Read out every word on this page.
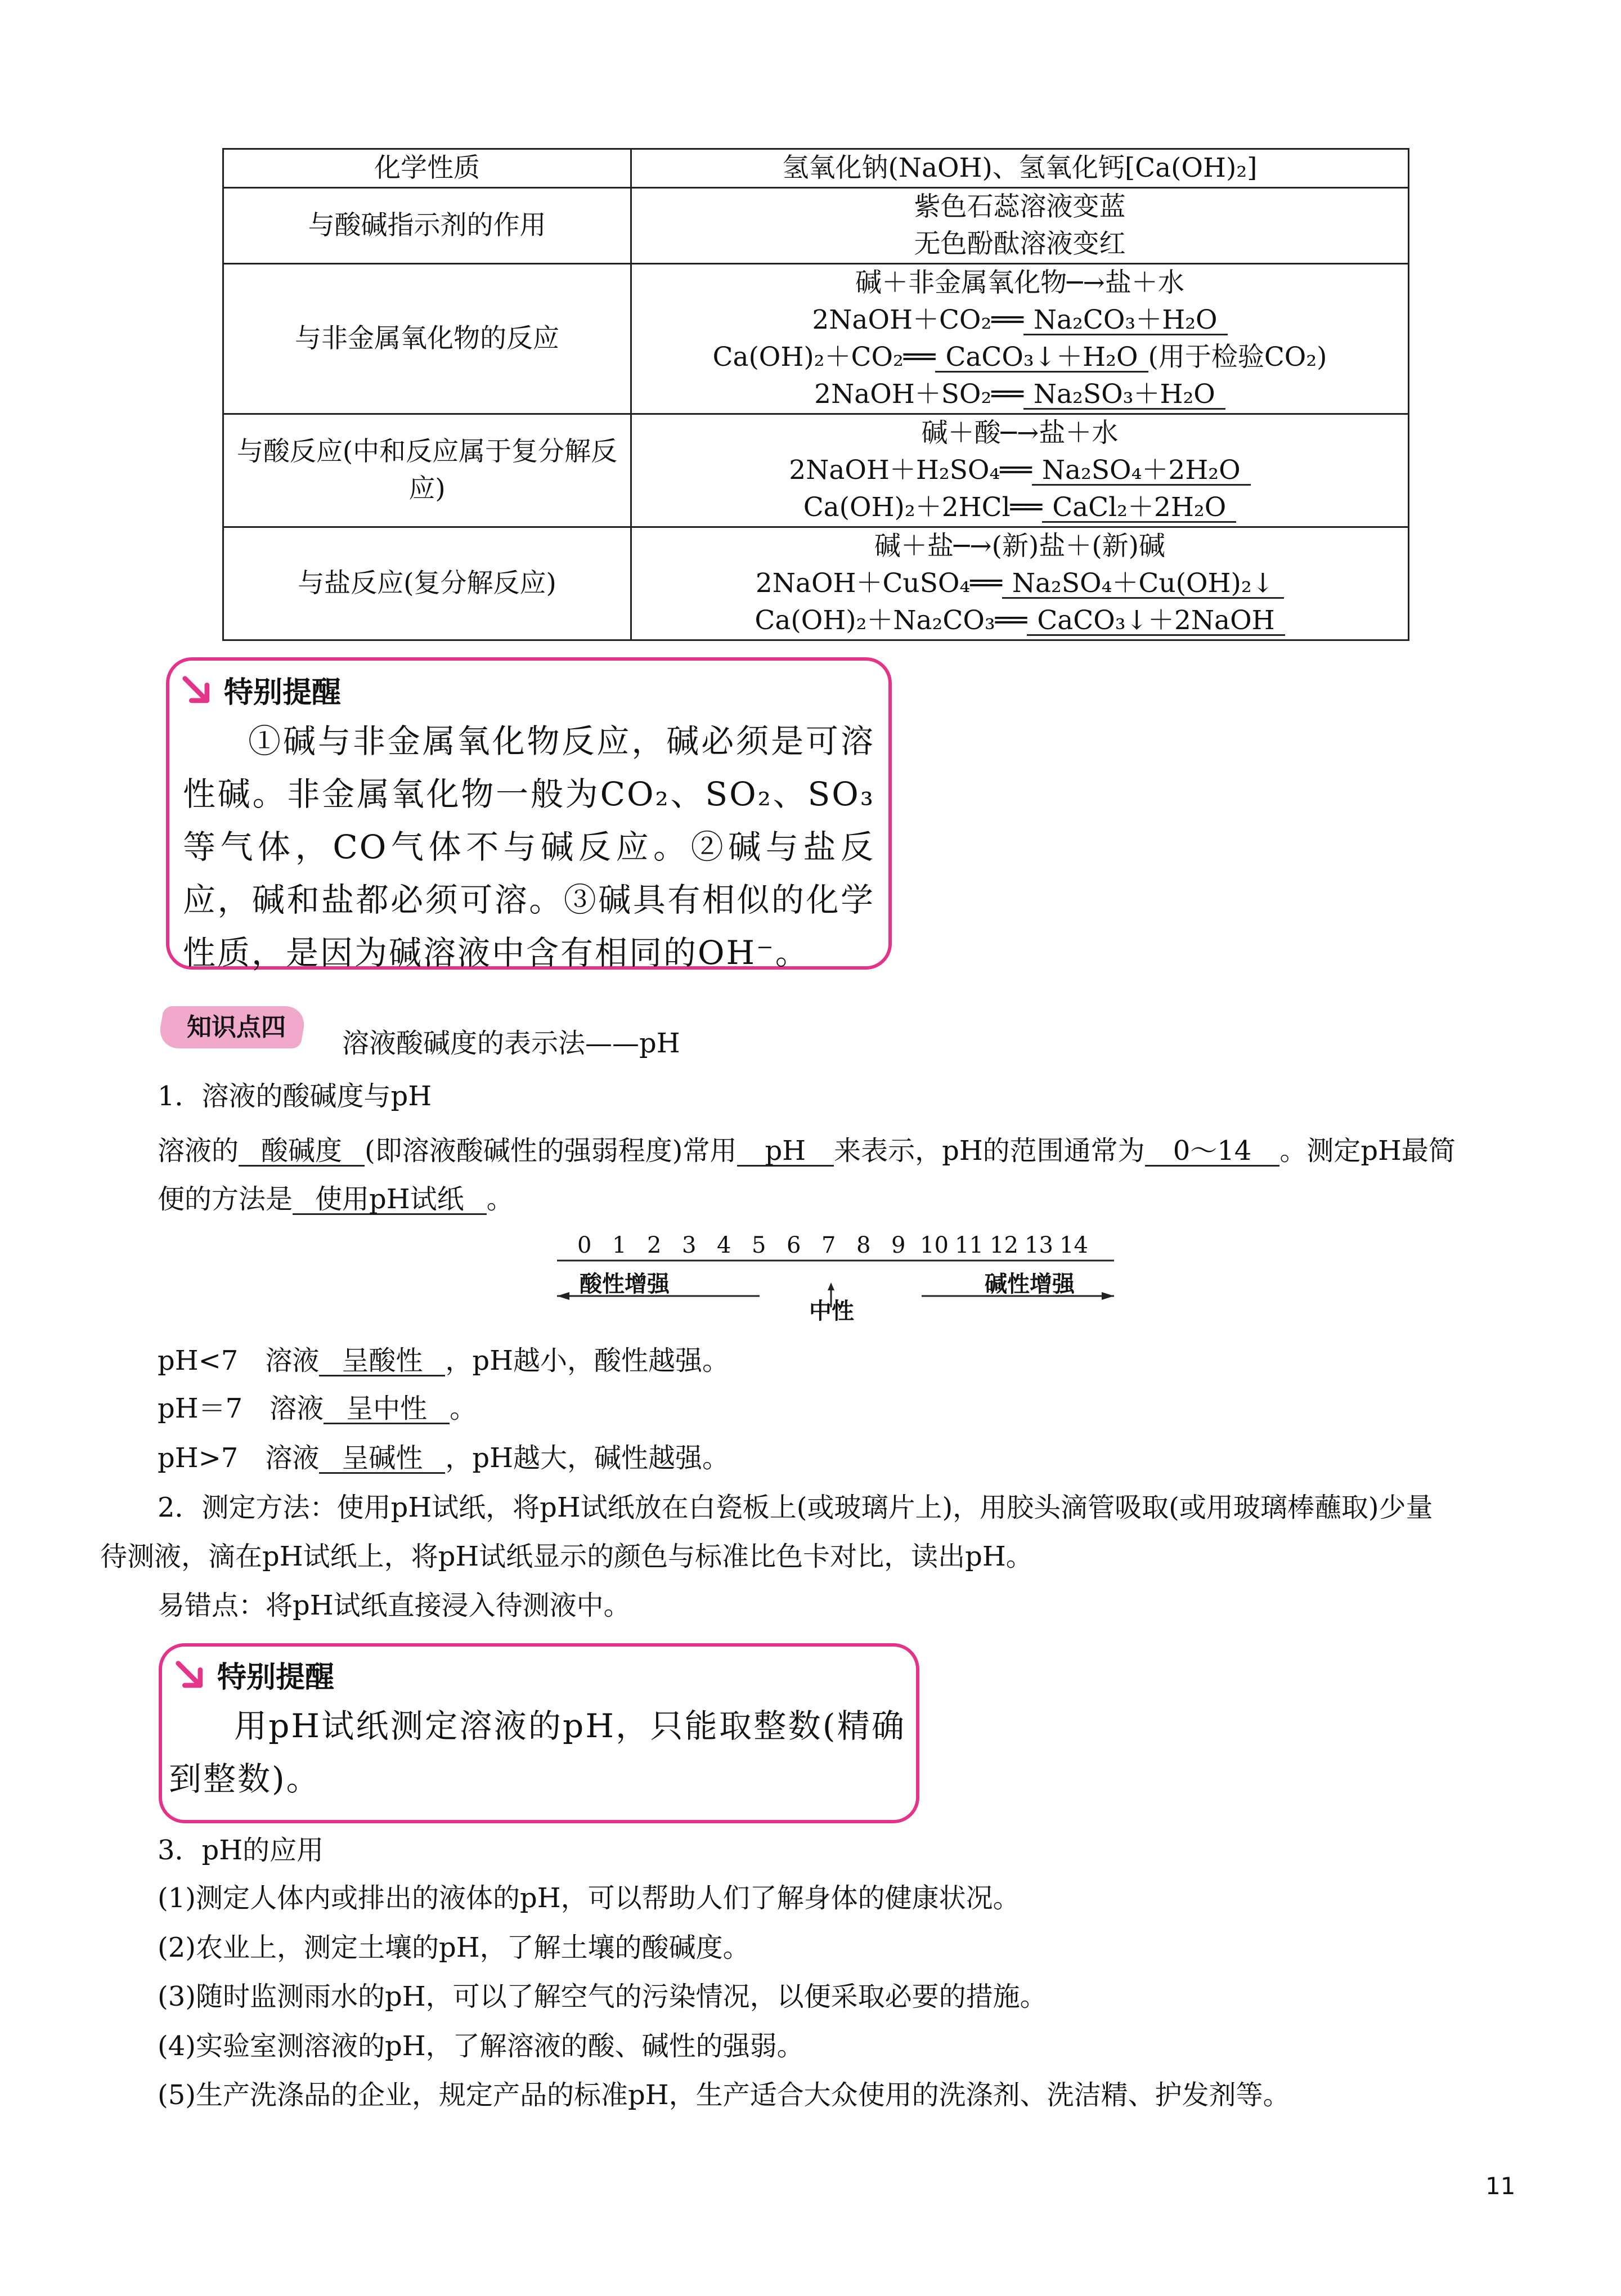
化学性质	氢氧化钠(NaOH)、氢氧化钙[Ca(OH)₂]
与酸碱指示剂的作用	紫色石蕊溶液变蓝
无色酚酞溶液变红

与非金属氧化物的反应	碱＋非金属氧化物─→盐＋水
2NaOH＋CO₂══ Na₂CO₃＋H₂O
Ca(OH)₂＋CO₂══ CaCO₃↓＋H₂O (用于检验CO₂)
2NaOH＋SO₂══ Na₂SO₃＋H₂O

与酸反应(中和反应属于复分解反应)	碱＋酸─→盐＋水
2NaOH＋H₂SO₄══ Na₂SO₄＋2H₂O
Ca(OH)₂＋2HCl══ CaCl₂＋2H₂O

与盐反应(复分解反应)	碱＋盐─→(新)盐＋(新)碱
2NaOH＋CuSO₄══ Na₂SO₄＋Cu(OH)₂↓
Ca(OH)₂＋Na₂CO₃══ CaCO₃↓＋2NaOH
特别提醒
①碱与非金属氧化物反应，碱必须是可溶性碱。非金属氧化物一般为CO₂、SO₂、SO₃等气体，CO气体不与碱反应。②碱与盐反应，碱和盐都必须可溶。③碱具有相似的化学性质，是因为碱溶液中含有相同的OH⁻。
知识点四
溶液酸碱度的表示法——pH
1．溶液的酸碱度与pH
溶液的 酸碱度 (即溶液酸碱性的强弱程度)常用 pH 来表示，pH的范围通常为 0～14 。测定pH最简
便的方法是 使用pH试纸 。
0 1 2 3 4 5 6 7 8 9 10 11 12 13 14
酸性增强
中性
碱性增强
pH<7　溶液 呈酸性 ，pH越小，酸性越强。
pH＝7　溶液 呈中性 。
pH>7　溶液 呈碱性 ，pH越大，碱性越强。
2．测定方法：使用pH试纸，将pH试纸放在白瓷板上(或玻璃片上)，用胶头滴管吸取(或用玻璃棒蘸取)少量
待测液，滴在pH试纸上，将pH试纸显示的颜色与标准比色卡对比，读出pH。
易错点：将pH试纸直接浸入待测液中。
特别提醒
用pH试纸测定溶液的pH，只能取整数(精确到整数)。
3．pH的应用
(1)测定人体内或排出的液体的pH，可以帮助人们了解身体的健康状况。
(2)农业上，测定土壤的pH，了解土壤的酸碱度。
(3)随时监测雨水的pH，可以了解空气的污染情况，以便采取必要的措施。
(4)实验室测溶液的pH，了解溶液的酸、碱性的强弱。
(5)生产洗涤品的企业，规定产品的标准pH，生产适合大众使用的洗涤剂、洗洁精、护发剂等。
11
